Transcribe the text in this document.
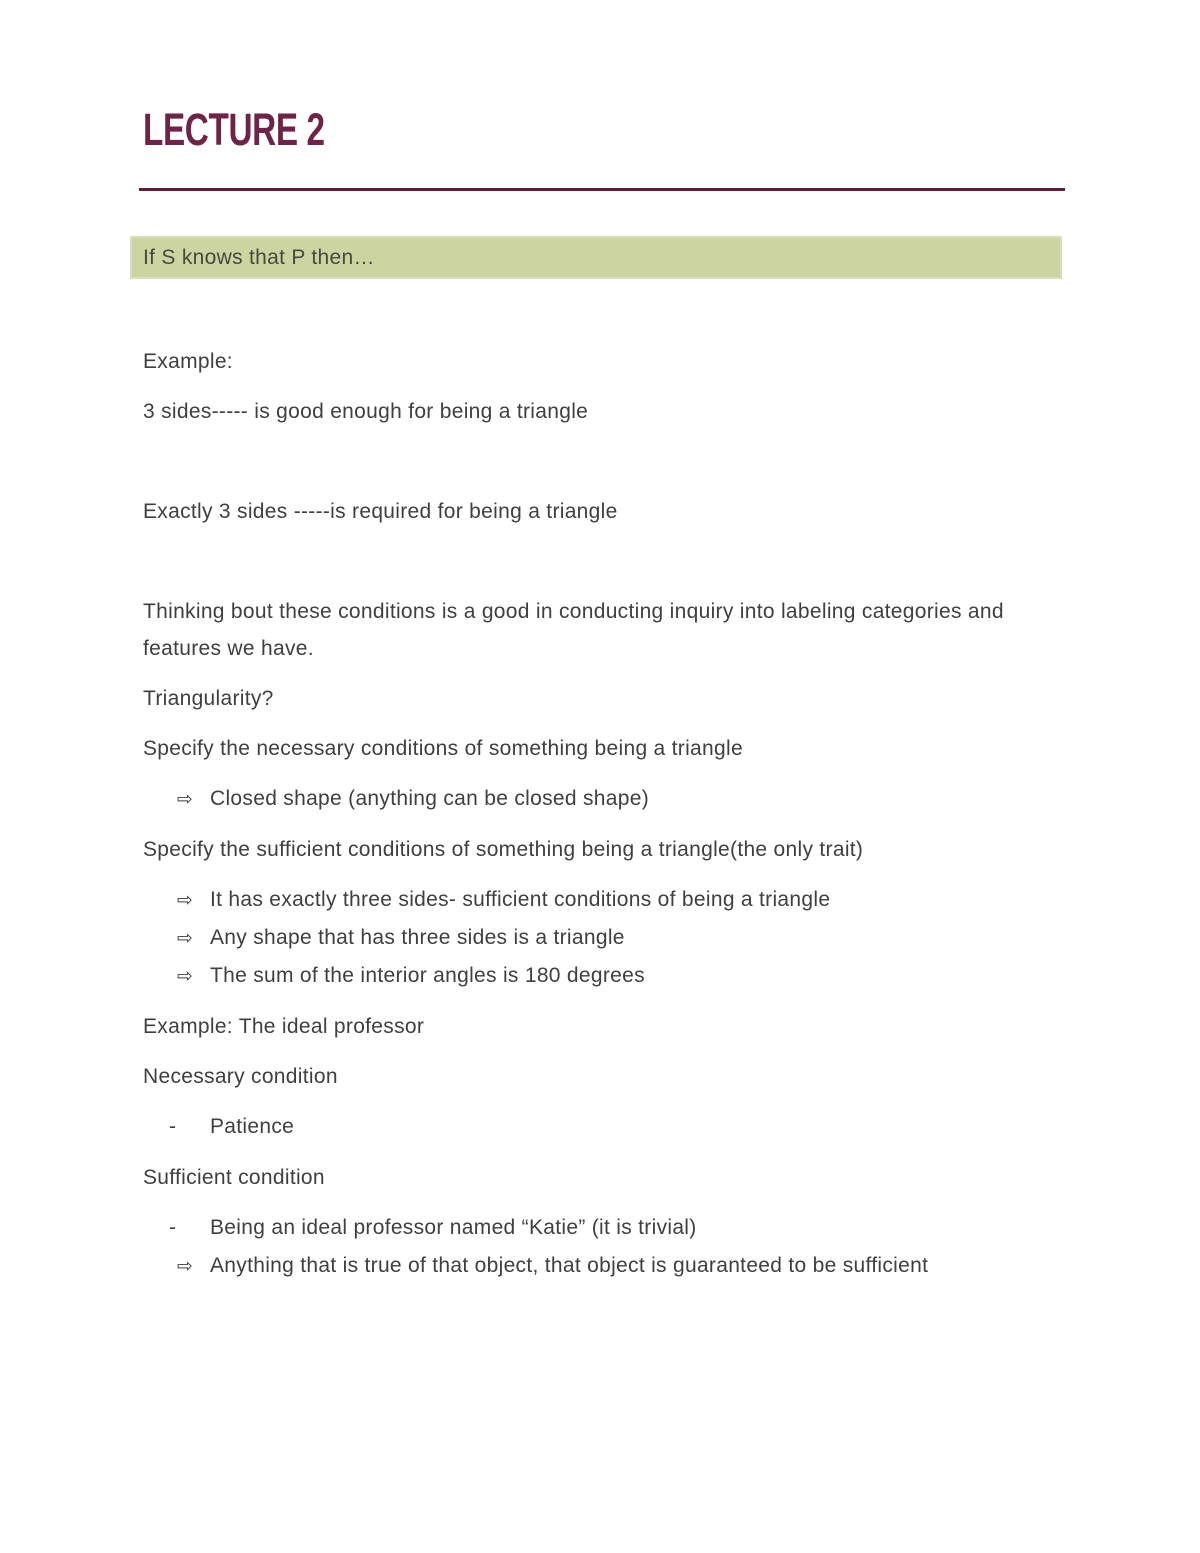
LECTURE 2
If S knows that P then…

Example:

3 sides----- is good enough for being a triangle

Exactly 3 sides -----is required for being a triangle

Thinking bout these conditions is a good in conducting inquiry into labeling categories and features we have.

Triangularity?

Specify the necessary conditions of something being a triangle

⇨ Closed shape (anything can be closed shape)

Specify the sufficient conditions of something being a triangle(the only trait)

⇨ It has exactly three sides- sufficient conditions of being a triangle
⇨ Any shape that has three sides is a triangle
⇨ The sum of the interior angles is 180 degrees

Example: The ideal professor

Necessary condition

-	Patience

Sufficient condition

-	Being an ideal professor named “Katie” (it is trivial)
⇨ Anything that is true of that object, that object is guaranteed to be sufficient
